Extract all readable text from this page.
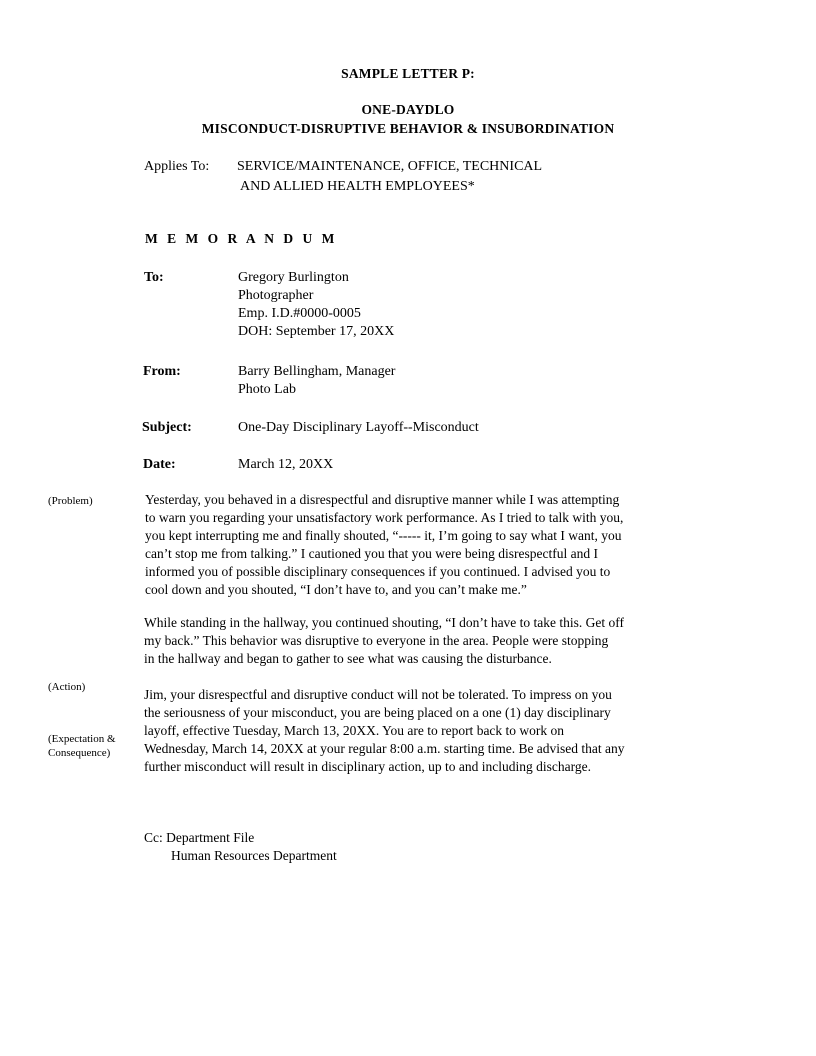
SAMPLE LETTER P:
ONE-DAYDLO
MISCONDUCT-DISRUPTIVE BEHAVIOR & INSUBORDINATION
Applies To: SERVICE/MAINTENANCE, OFFICE, TECHNICAL
AND ALLIED HEALTH EMPLOYEES*
M E M O R A N D U M
To:	Gregory Burlington
Photographer
Emp. I.D.#0000-0005
DOH: September 17, 20XX
From:	Barry Bellingham, Manager
Photo Lab
Subject:	One-Day Disciplinary Layoff--Misconduct
Date:	March 12, 20XX
(Problem)
(Action)
(Expectation &
Consequence)
Yesterday, you behaved in a disrespectful and disruptive manner while I was attempting
to warn you regarding your unsatisfactory work performance. As I tried to talk with you,
you kept interrupting me and finally shouted, “----- it, I’m going to say what I want, you
can’t stop me from talking.” I cautioned you that you were being disrespectful and I
informed you of possible disciplinary consequences if you continued. I advised you to
cool down and you shouted, “I don’t have to, and you can’t make me.”
While standing in the hallway, you continued shouting, “I don’t have to take this. Get off
my back.” This behavior was disruptive to everyone in the area. People were stopping
in the hallway and began to gather to see what was causing the disturbance.
Jim, your disrespectful and disruptive conduct will not be tolerated. To impress on you
the seriousness of your misconduct, you are being placed on a one (1) day disciplinary
layoff, effective Tuesday, March 13, 20XX. You are to report back to work on
Wednesday, March 14, 20XX at your regular 8:00 a.m. starting time. Be advised that any
further misconduct will result in disciplinary action, up to and including discharge.
Cc: Department File
Human Resources Department
